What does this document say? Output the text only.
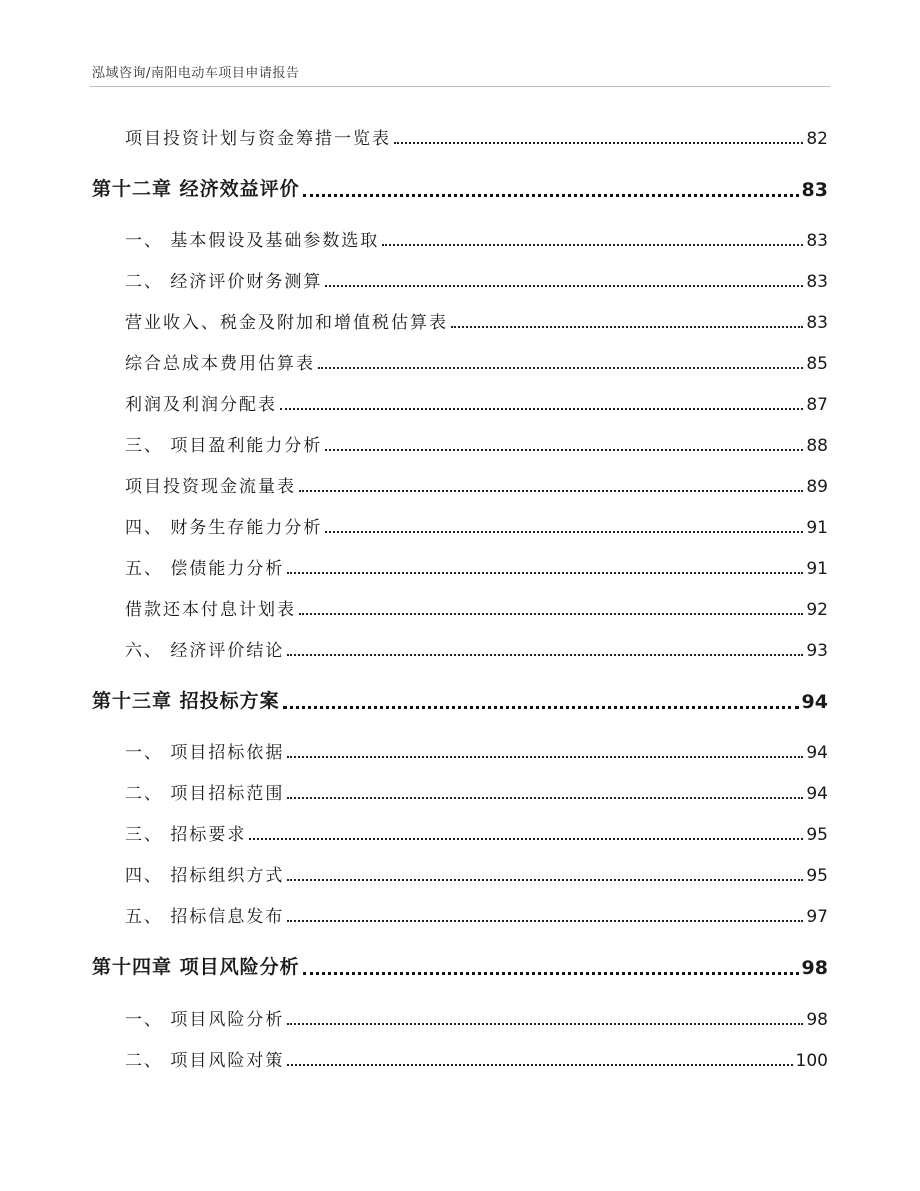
泓域咨询/南阳电动车项目申请报告
项目投资计划与资金筹措一览表	82
第十二章 经济效益评价	83
一、 基本假设及基础参数选取	83
二、 经济评价财务测算	83
营业收入、税金及附加和增值税估算表	83
综合总成本费用估算表	85
利润及利润分配表	87
三、 项目盈利能力分析	88
项目投资现金流量表	89
四、 财务生存能力分析	91
五、 偿债能力分析	91
借款还本付息计划表	92
六、 经济评价结论	93
第十三章 招投标方案	94
一、 项目招标依据	94
二、 项目招标范围	94
三、 招标要求	95
四、 招标组织方式	95
五、 招标信息发布	97
第十四章 项目风险分析	98
一、 项目风险分析	98
二、 项目风险对策	100
